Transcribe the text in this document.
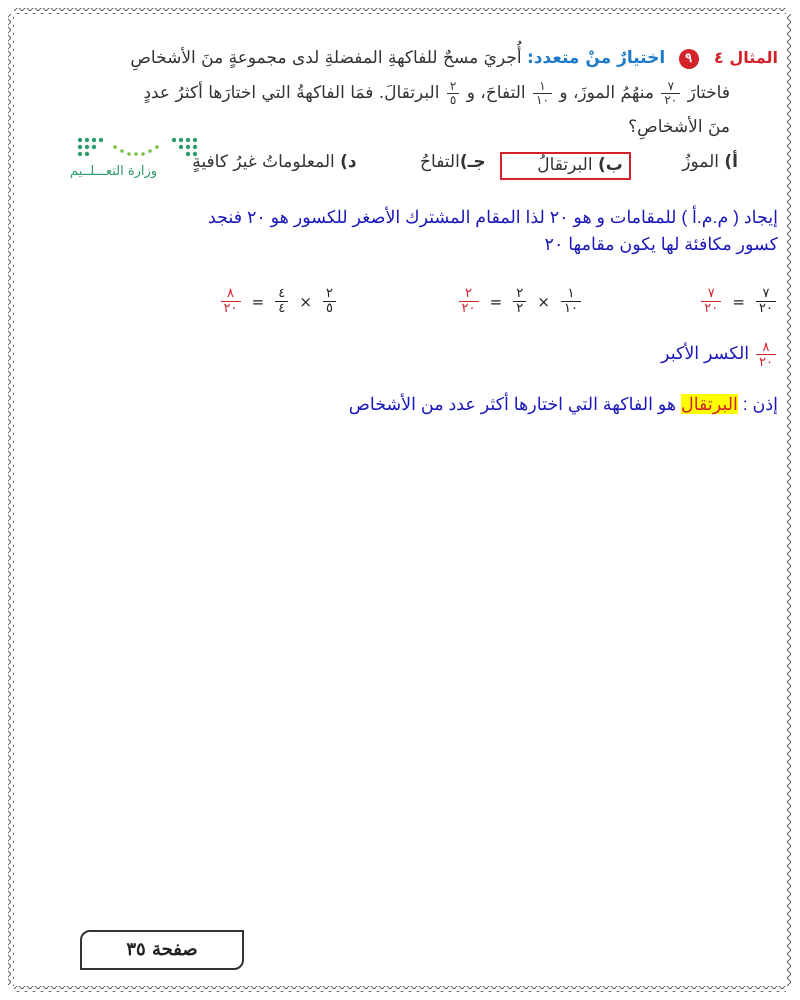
المثال ٤ ٩ اختيارٌ منْ متعدد: أُجريَ مسحٌ للفاكهةِ المفضلةِ لدى مجموعةٍ منَ الأشخاصِ
فاختارَ
$\frac{٧}{٢٠}$
منهُمُ الموزَ، و
$\frac{١}{١٠}$
التفاحَ، و
$\frac{٢}{٥}$
البرتقالَ. فمَا الفاكهةُ التي اختارَها أكثرُ عددٍ
منَ الأشخاصِ؟
وزارة التعـــلــيم	أ) الموزُ
ب) البرتقالُ
جـ)التفاحُ
د) المعلوماتُ غيرُ كافيةٍ
إيجاد ( م.م.أ ) للمقامات و هو ٢٠ لذا المقام المشترك الأصغر للكسور هو ٢٠ فنجد
كسور مكافئة لها يكون مقامها ٢٠
$\frac{٧}{٢٠} = \frac{٧}{٢٠}$
$\frac{٢}{٢٠} = \frac{٢}{٢} \times \frac{١}{١٠}$
$\frac{٨}{٢٠} = \frac{٤}{٤} \times \frac{٢}{٥}$
$\frac{٨}{٢٠}$
الكسر الأكبر
إذن : البرتقال هو الفاكهة التي اختارها أكثر عدد من الأشخاص
صفحة ٣٥
